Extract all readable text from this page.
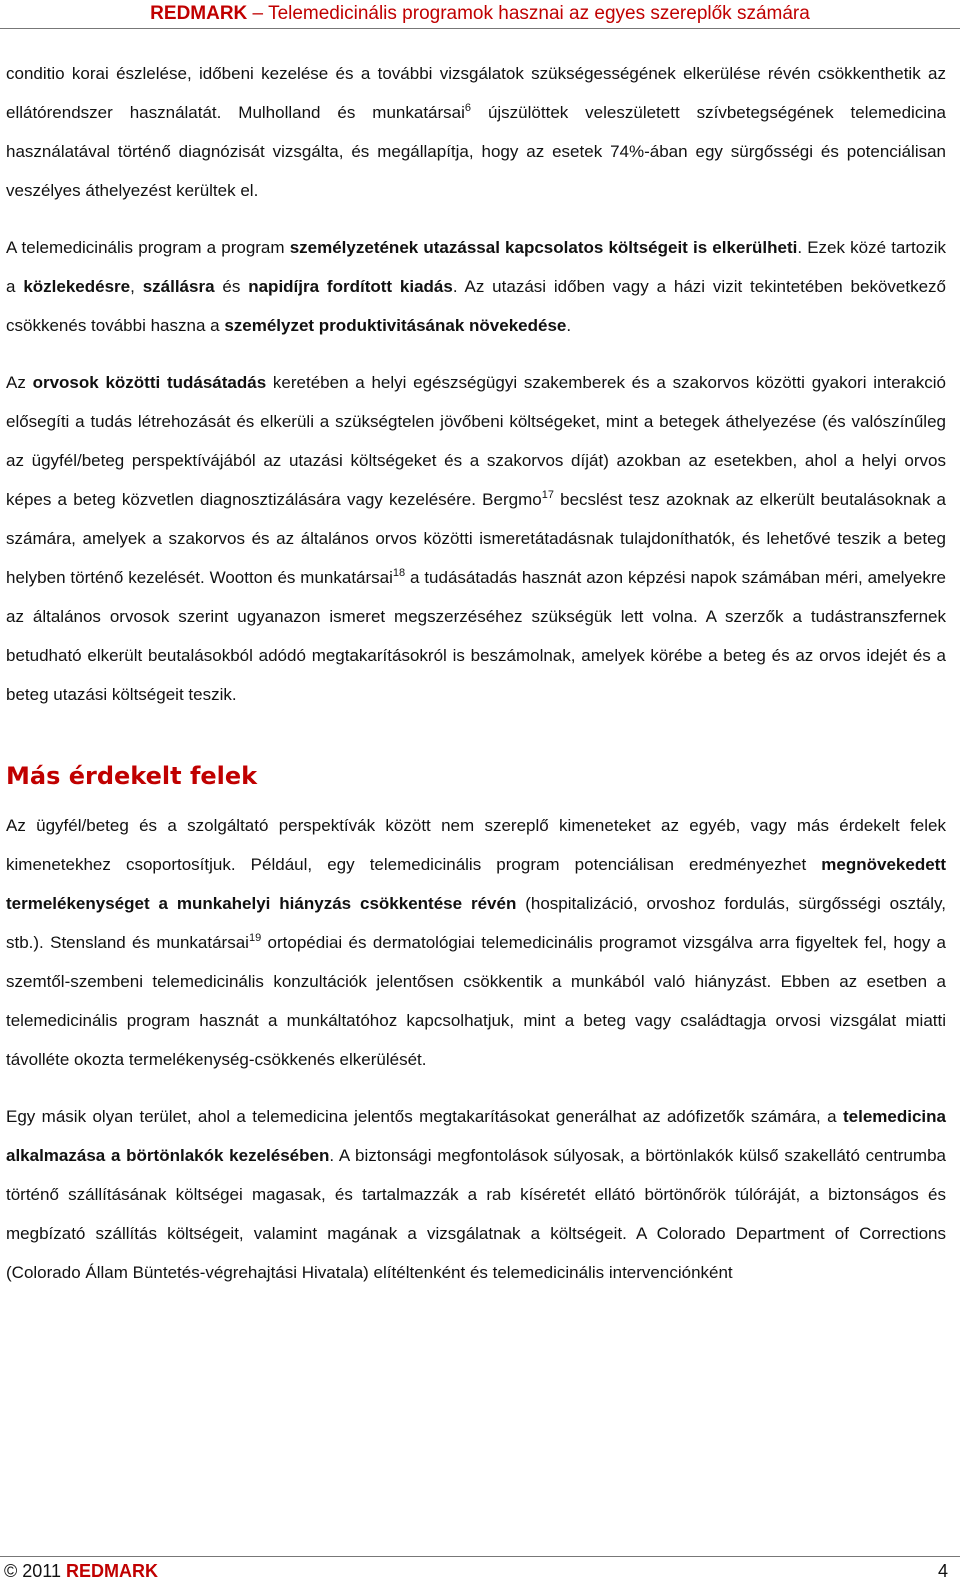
REDMARK – Telemedicinális programok hasznai az egyes szereplők számára

conditio korai észlelése, időbeni kezelése és a további vizsgálatok szükségességének elkerülése révén csökkenthetik az ellátórendszer használatát. Mulholland és munkatársai$^6$ újszülöttek veleszületett szívbetegségének telemedicina használatával történő diagnózisát vizsgálta, és megállapítja, hogy az esetek 74%-ában egy sürgősségi és potenciálisan veszélyes áthelyezést kerültek el.

A telemedicinális program a program személyzetének utazással kapcsolatos költségeit is elkerülheti. Ezek közé tartozik a közlekedésre, szállásra és napidíjra fordított kiadás. Az utazási időben vagy a házi vizit tekintetében bekövetkező csökkenés további haszna a személyzet produktivitásának növekedése.

Az orvosok közötti tudásátadás keretében a helyi egészségügyi szakemberek és a szakorvos közötti gyakori interakció elősegíti a tudás létrehozását és elkerüli a szükségtelen jövőbeni költségeket, mint a betegek áthelyezése (és valószínűleg az ügyfél/beteg perspektívájából az utazási költségeket és a szakorvos díját) azokban az esetekben, ahol a helyi orvos képes a beteg közvetlen diagnosztizálására vagy kezelésére. Bergmo$^{17}$ becslést tesz azoknak az elkerült beutalásoknak a számára, amelyek a szakorvos és az általános orvos közötti ismeretátadásnak tulajdoníthatók, és lehetővé teszik a beteg helyben történő kezelését. Wootton és munkatársai$^{18}$ a tudásátadás hasznát azon képzési napok számában méri, amelyekre az általános orvosok szerint ugyanazon ismeret megszerzéséhez szükségük lett volna. A szerzők a tudástranszfernek betudható elkerült beutalásokból adódó megtakarításokról is beszámolnak, amelyek körébe a beteg és az orvos idejét és a beteg utazási költségeit teszik.

Más érdekelt felek

Az ügyfél/beteg és a szolgáltató perspektívák között nem szereplő kimeneteket az egyéb, vagy más érdekelt felek kimenetekhez csoportosítjuk. Például, egy telemedicinális program potenciálisan eredményezhet megnövekedett termelékenységet a munkahelyi hiányzás csökkentése révén (hospitalizáció, orvoshoz fordulás, sürgősségi osztály, stb.). Stensland és munkatársai$^{19}$ ortopédiai és dermatológiai telemedicinális programot vizsgálva arra figyeltek fel, hogy a szemtől-szembeni telemedicinális konzultációk jelentősen csökkentik a munkából való hiányzást. Ebben az esetben a telemedicinális program hasznát a munkáltatóhoz kapcsolhatjuk, mint a beteg vagy családtagja orvosi vizsgálat miatti távolléte okozta termelékenység-csökkenés elkerülését.

Egy másik olyan terület, ahol a telemedicina jelentős megtakarításokat generálhat az adófizetők számára, a telemedicina alkalmazása a börtönlakók kezelésében. A biztonsági megfontolások súlyosak, a börtönlakók külső szakellátó centrumba történő szállításának költségei magasak, és tartalmazzák a rab kíséretét ellátó börtönőrök túlóráját, a biztonságos és megbízató szállítás költségeit, valamint magának a vizsgálatnak a költségeit. A Colorado Department of Corrections (Colorado Állam Büntetés-végrehajtási Hivatala) elítéltenként és telemedicinális intervenciónként

© 2011 REDMARK	4
